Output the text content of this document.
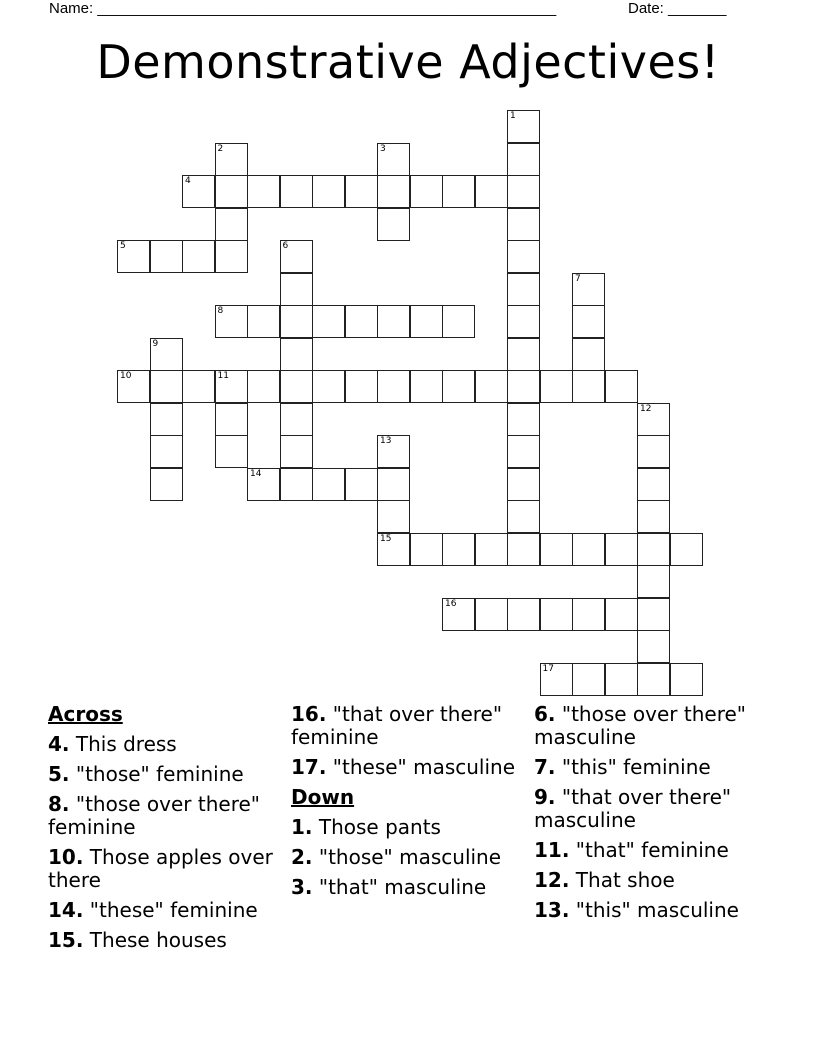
Name: _______________________________________________________	Date: _______
Demonstrative Adjectives!
1
2	3
4
5	6
7
8
9
10	11
12
13
15
14
16
17
Across
4. This dress
5. "those" feminine
8. "those over there" feminine
10. Those apples over there
14. "these" feminine
15. These houses
16. "that over there" feminine
17. "these" masculine
Down
1. Those pants
2. "those" masculine
3. "that" masculine
6. "those over there" masculine
7. "this" feminine
9. "that over there" masculine
11. "that" feminine
12. That shoe
13. "this" masculine
